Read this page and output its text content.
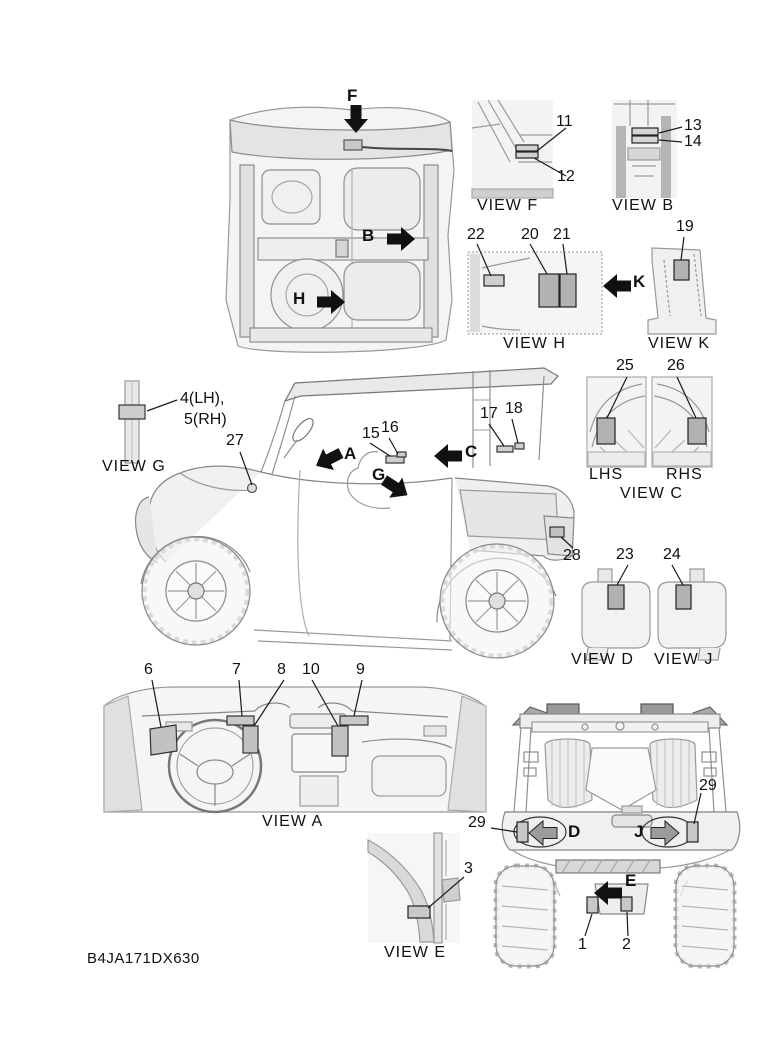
F
B
H
K
A	C
G
D	J
E
11
12
13
14
22 20 21	19
4(LH),
5(RH)
27	15 16
17 18
28
25 26
23 24
6	7 8 10 9
3
29
29
1 2
VIEW F	VIEW B
VIEW H	VIEW K
VIEW G	LHS	RHS
VIEW C
VIEW D VIEW J
VIEW A
VIEW E
B4JA171DX630
